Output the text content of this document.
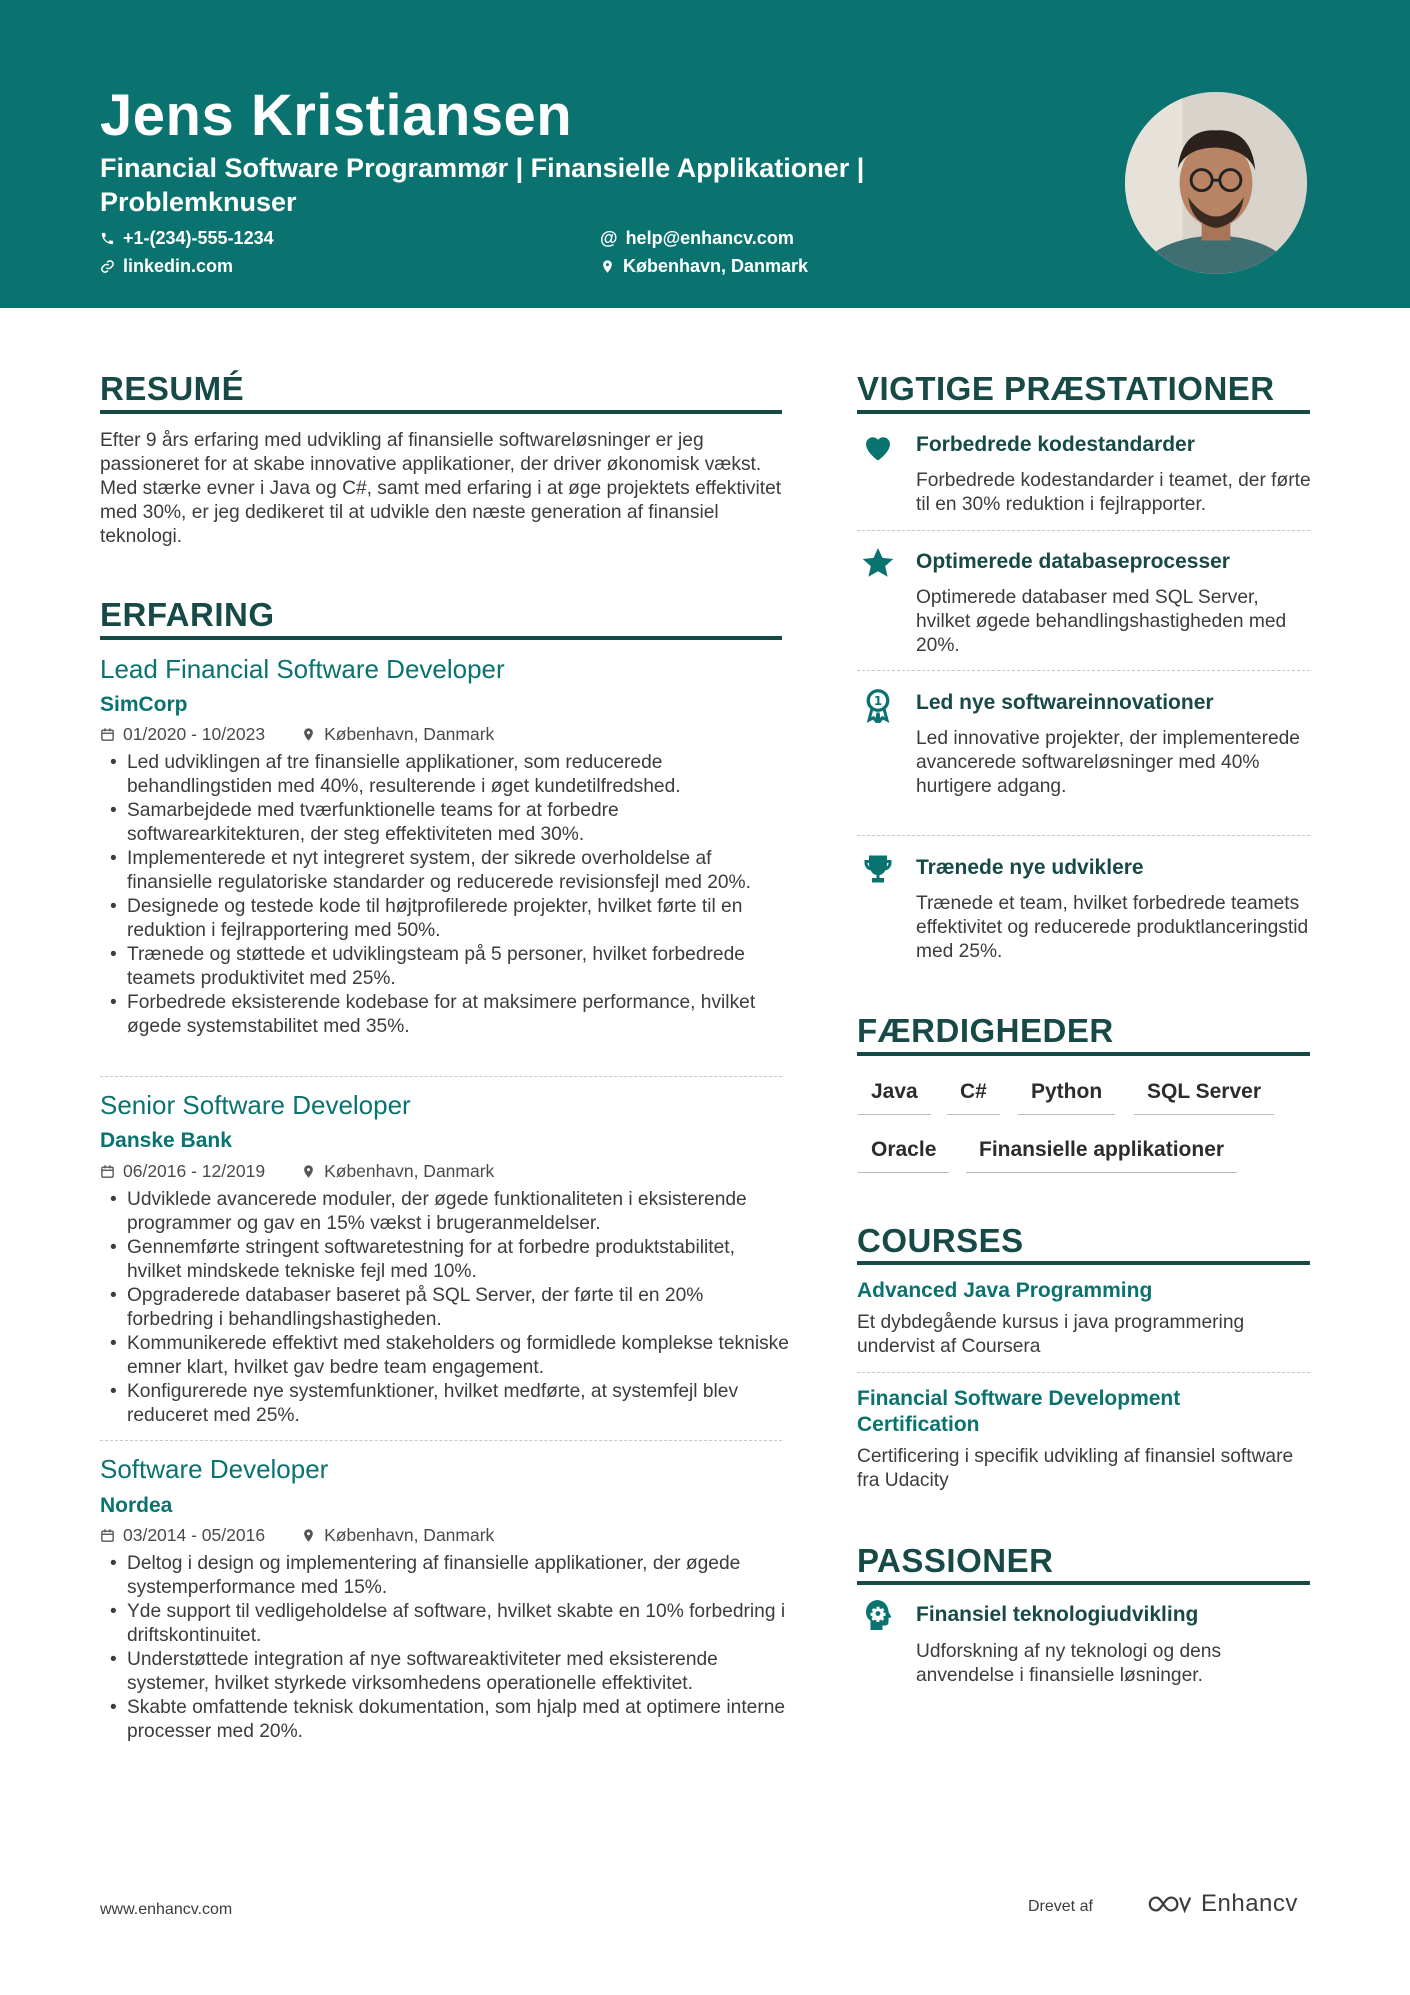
Jens Kristiansen
Financial Software Programmør | Finansielle Applikationer | Problemknuser
+1-(234)-555-1234	@ help@enhancv.com
linkedin.com	København, Danmark
RESUMÉ
Efter 9 års erfaring med udvikling af finansielle softwareløsninger er jeg passioneret for at skabe innovative applikationer, der driver økonomisk vækst. Med stærke evner i Java og C#, samt med erfaring i at øge projektets effektivitet med 30%, er jeg dedikeret til at udvikle den næste generation af finansiel teknologi.
ERFARING
Lead Financial Software Developer
SimCorp
01/2020 - 10/2023	København, Danmark
• Led udviklingen af tre finansielle applikationer, som reducerede behandlingstiden med 40%, resulterende i øget kundetilfredshed.
• Samarbejdede med tværfunktionelle teams for at forbedre softwarearkitekturen, der steg effektiviteten med 30%.
• Implementerede et nyt integreret system, der sikrede overholdelse af finansielle regulatoriske standarder og reducerede revisionsfejl med 20%.
• Designede og testede kode til højtprofilerede projekter, hvilket førte til en reduktion i fejlrapportering med 50%.
• Trænede og støttede et udviklingsteam på 5 personer, hvilket forbedrede teamets produktivitet med 25%.
• Forbedrede eksisterende kodebase for at maksimere performance, hvilket øgede systemstabilitet med 35%.
Senior Software Developer
Danske Bank
06/2016 - 12/2019	København, Danmark
• Udviklede avancerede moduler, der øgede funktionaliteten i eksisterende programmer og gav en 15% vækst i brugeranmeldelser.
• Gennemførte stringent softwaretestning for at forbedre produktstabilitet, hvilket mindskede tekniske fejl med 10%.
• Opgraderede databaser baseret på SQL Server, der førte til en 20% forbedring i behandlingshastigheden.
• Kommunikerede effektivt med stakeholders og formidlede komplekse tekniske emner klart, hvilket gav bedre team engagement.
• Konfigurerede nye systemfunktioner, hvilket medførte, at systemfejl blev reduceret med 25%.
Software Developer
Nordea
03/2014 - 05/2016	København, Danmark
• Deltog i design og implementering af finansielle applikationer, der øgede systemperformance med 15%.
• Yde support til vedligeholdelse af software, hvilket skabte en 10% forbedring i driftskontinuitet.
• Understøttede integration af nye softwareaktiviteter med eksisterende systemer, hvilket styrkede virksomhedens operationelle effektivitet.
• Skabte omfattende teknisk dokumentation, som hjalp med at optimere interne processer med 20%.
VIGTIGE PRÆSTATIONER
Forbedrede kodestandarder
Forbedrede kodestandarder i teamet, der førte til en 30% reduktion i fejlrapporter.
Optimerede databaseprocesser
Optimerede databaser med SQL Server, hvilket øgede behandlingshastigheden med 20%.
1 Led nye softwareinnovationer
Led innovative projekter, der implementerede avancerede softwareløsninger med 40% hurtigere adgang.
Trænede nye udviklere
Trænede et team, hvilket forbedrede teamets effektivitet og reducerede produktlanceringstid med 25%.
FÆRDIGHEDER
Java	C#	Python	SQL Server
Oracle	Finansielle applikationer
COURSES
Advanced Java Programming
Et dybdegående kursus i java programmering undervist af Coursera
Financial Software Development Certification
Certificering i specifik udvikling af finansiel software fra Udacity
PASSIONER
Finansiel teknologiudvikling
Udforskning af ny teknologi og dens anvendelse i finansielle løsninger.
www.enhancv.com	Drevet af	Enhancv
